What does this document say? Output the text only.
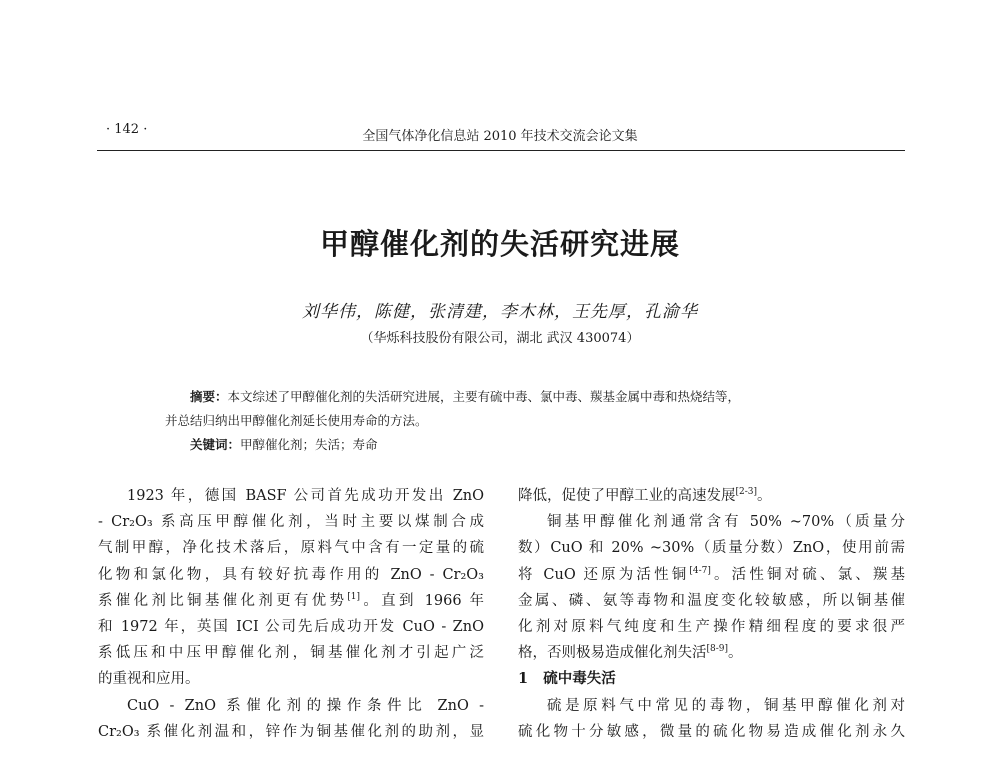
· 142 ·	全国气体净化信息站 2010 年技术交流会论文集
甲醇催化剂的失活研究进展
刘华伟，陈健，张清建，李木林，王先厚，孔渝华
（华烁科技股份有限公司，湖北 武汉 430074）
摘要：本文综述了甲醇催化剂的失活研究进展，主要有硫中毒、氯中毒、羰基金属中毒和热烧结等，
并总结归纳出甲醇催化剂延长使用寿命的方法。
关键词：甲醇催化剂；失活；寿命
1923 年，德国 BASF 公司首先成功开发出 ZnO
- Cr₂O₃ 系高压甲醇催化剂，当时主要以煤制合成
气制甲醇，净化技术落后，原料气中含有一定量的硫
化物和氯化物，具有较好抗毒作用的 ZnO - Cr₂O₃
系催化剂比铜基催化剂更有优势[1]。直到 1966 年
和 1972 年，英国 ICI 公司先后成功开发 CuO - ZnO
系低压和中压甲醇催化剂，铜基催化剂才引起广泛
的重视和应用。
CuO - ZnO 系催化剂的操作条件比 ZnO -
Cr₂O₃ 系催化剂温和，锌作为铜基催化剂的助剂，显
降低，促使了甲醇工业的高速发展[2-3]。
铜基甲醇催化剂通常含有 50% ~70%（质量分
数）CuO 和 20% ~30%（质量分数）ZnO，使用前需
将 CuO 还原为活性铜[4-7]。活性铜对硫、氯、羰基
金属、磷、氨等毒物和温度变化较敏感，所以铜基催
化剂对原料气纯度和生产操作精细程度的要求很严
格，否则极易造成催化剂失活[8-9]。
1 硫中毒失活
硫是原料气中常见的毒物，铜基甲醇催化剂对
硫化物十分敏感，微量的硫化物易造成催化剂永久
